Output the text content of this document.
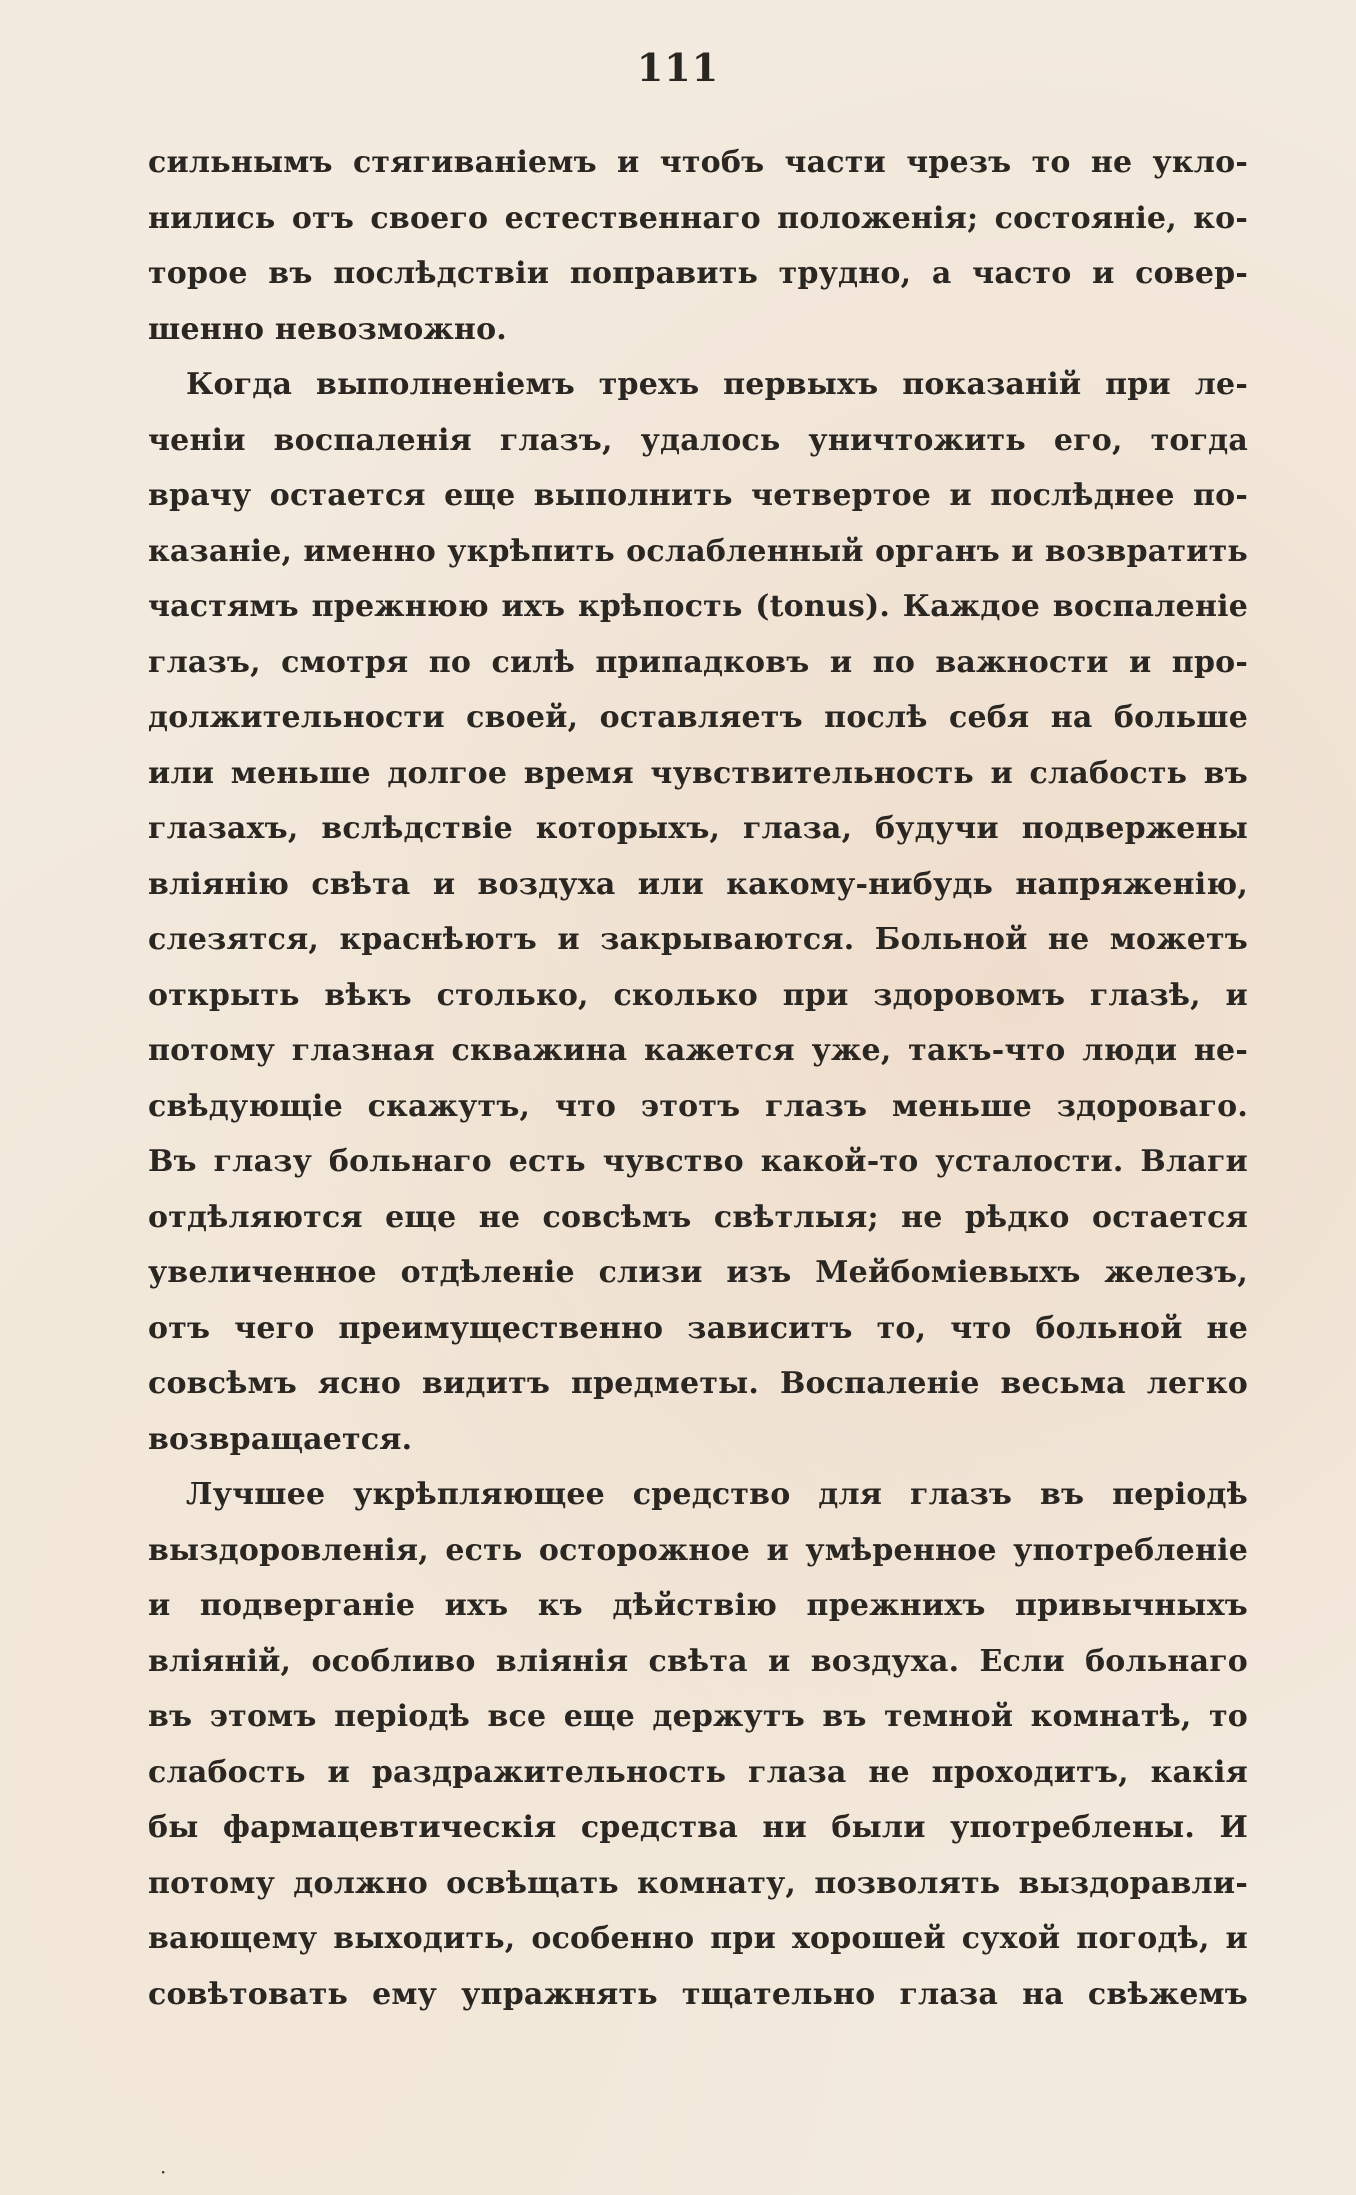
111
сильнымъ стягиваніемъ и чтобъ части чрезъ то не укло-
нились отъ своего естественнаго положенія; состояніе, ко-
торое въ послѣдствіи поправить трудно, а часто и совер-
шенно невозможно.
Когда выполненіемъ трехъ первыхъ показаній при ле-
ченіи воспаленія глазъ, удалось уничтожить его, тогда
врачу остается еще выполнить четвертое и послѣднее по-
казаніе, именно укрѣпить ослабленный органъ и возвратить
частямъ прежнюю ихъ крѣпость (tonus). Каждое воспаленіе
глазъ, смотря по силѣ припадковъ и по важности и про-
должительности своей, оставляетъ послѣ себя на больше
или меньше долгое время чувствительность и слабость въ
глазахъ, вслѣдствіе которыхъ, глаза, будучи подвержены
вліянію свѣта и воздуха или какому-нибудь напряженію,
слезятся, краснѣютъ и закрываются. Больной не можетъ
открыть вѣкъ столько, сколько при здоровомъ глазѣ, и
потому глазная скважина кажется уже, такъ-что люди не-
свѣдующіе скажутъ, что этотъ глазъ меньше здороваго.
Въ глазу больнаго есть чувство какой-то усталости. Влаги
отдѣляются еще не совсѣмъ свѣтлыя; не рѣдко остается
увеличенное отдѣленіе слизи изъ Мейбоміевыхъ железъ,
отъ чего преимущественно зависитъ то, что больной не
совсѣмъ ясно видитъ предметы. Воспаленіе весьма легко
возвращается.
Лучшее укрѣпляющее средство для глазъ въ періодѣ
выздоровленія, есть осторожное и умѣренное употребленіе
и подверганіе ихъ къ дѣйствію прежнихъ привычныхъ
вліяній, особливо вліянія свѣта и воздуха. Если больнаго
въ этомъ періодѣ все еще держутъ въ темной комнатѣ, то
слабость и раздражительность глаза не проходитъ, какія
бы фармацевтическія средства ни были употреблены. И
потому должно освѣщать комнату, позволять выздоравли-
вающему выходить, особенно при хорошей сухой погодѣ, и
совѣтовать ему упражнять тщательно глаза на свѣжемъ
·
